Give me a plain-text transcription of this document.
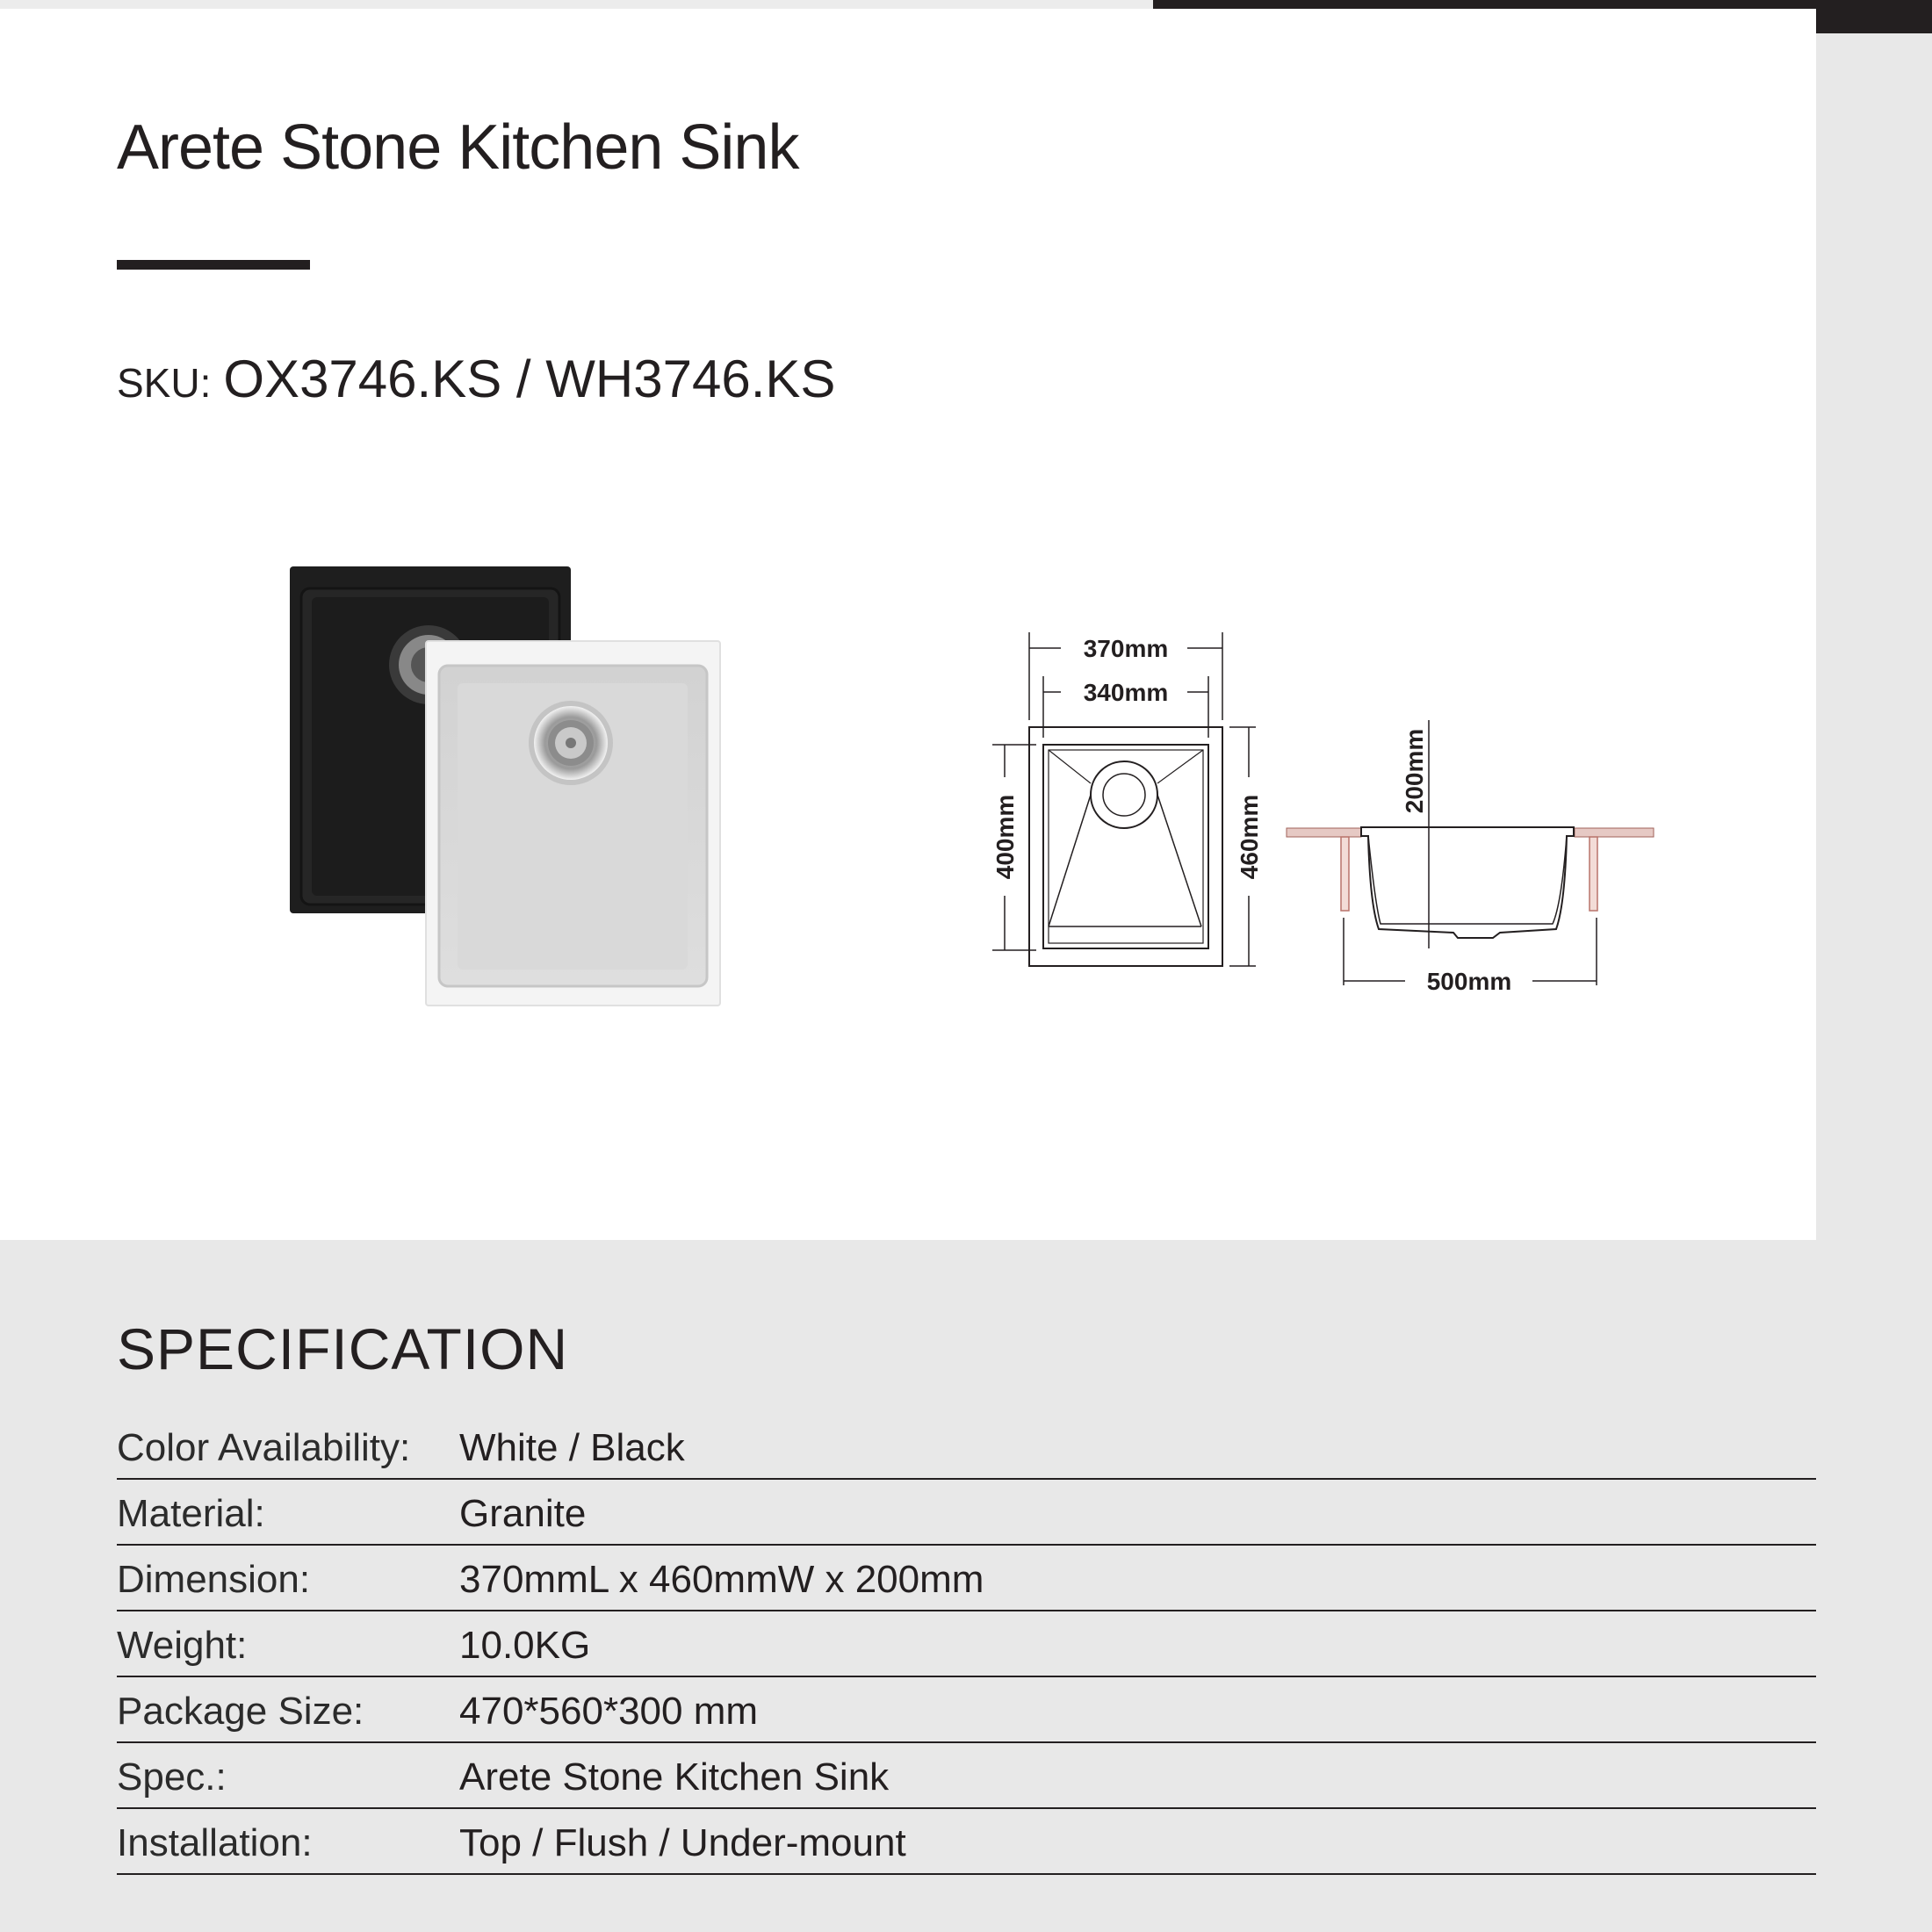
Arete Stone Kitchen Sink
SKU: OX3746.KS / WH3746.KS
370mm
340mm
400mm	460mm
200mm
500mm
SPECIFICATION
Color Availability: White / Black
Material:	Granite
Dimension:	370mmL x 460mmW x 200mm
Weight:	10.0KG
Package Size: 470*560*300 mm
Spec.:	Arete Stone Kitchen Sink
Installation:	Top / Flush / Under-mount
